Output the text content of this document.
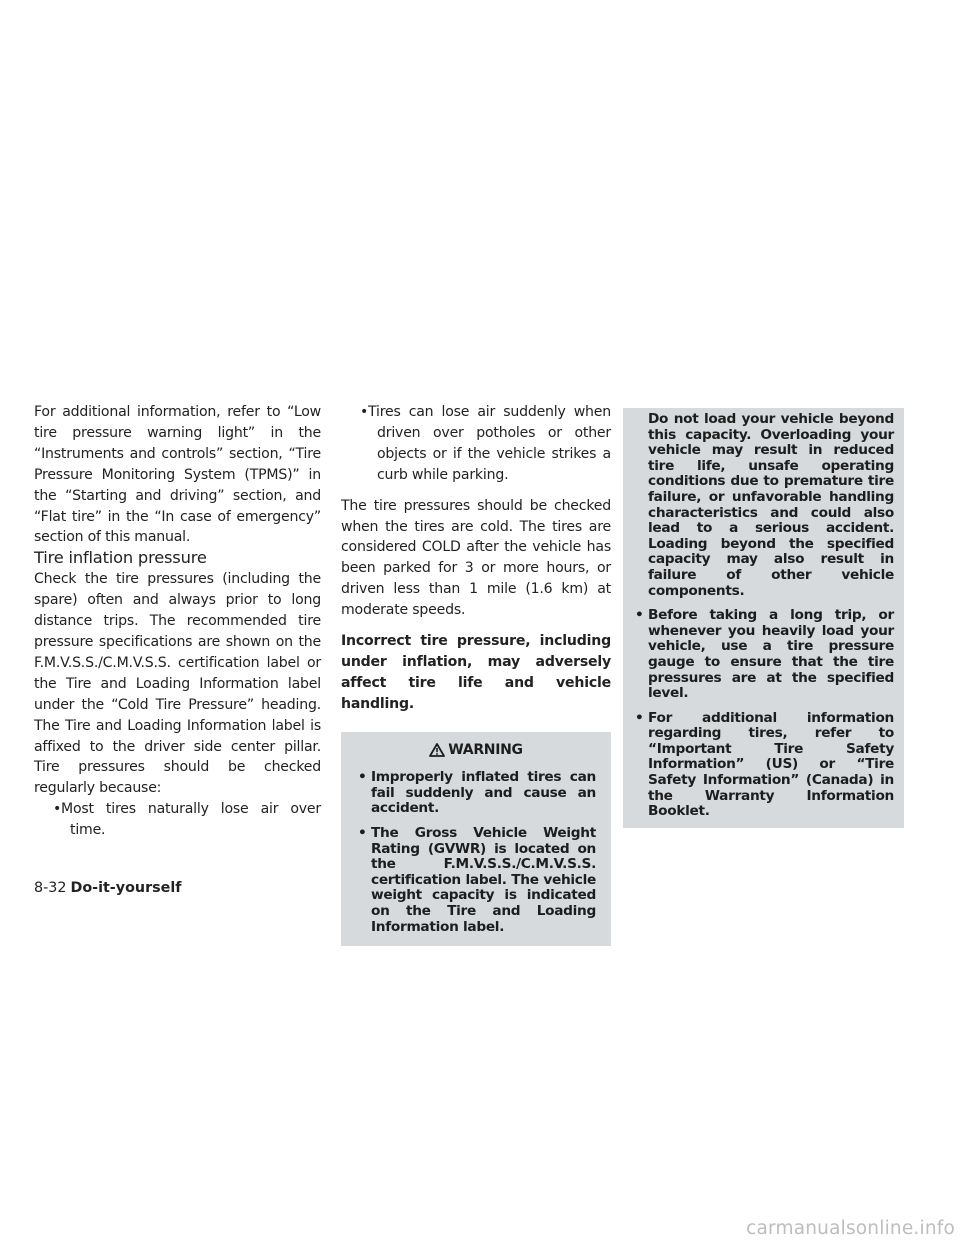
For additional information, refer to “Low tire pressure warning light” in the “Instruments and controls” section, “Tire Pressure Monitoring System (TPMS)” in the “Starting and driving” section, and “Flat tire” in the “In case of emergency” section of this manual.

Tire inflation pressure

Check the tire pressures (including the spare) often and always prior to long distance trips. The recommended tire pressure specifications are shown on the F.M.V.S.S./C.M.V.S.S. certification label or the Tire and Loading Information label under the “Cold Tire Pressure” heading. The Tire and Loading Information label is affixed to the driver side center pillar. Tire pressures should be checked regularly because:

• Most tires naturally lose air over time.

• Tires can lose air suddenly when driven over potholes or other objects or if the vehicle strikes a curb while parking.

The tire pressures should be checked when the tires are cold. The tires are considered COLD after the vehicle has been parked for 3 or more hours, or driven less than 1 mile (1.6 km) at moderate speeds.

Incorrect tire pressure, including under inflation, may adversely affect tire life and vehicle handling.

WARNING
• Improperly inflated tires can fail suddenly and cause an accident.
• The Gross Vehicle Weight Rating (GVWR) is located on the F.M.V.S.S./C.M.V.S.S. certification label. The vehicle weight capacity is indicated on the Tire and Loading Information label.
Do not load your vehicle beyond this capacity. Overloading your vehicle may result in reduced tire life, unsafe operating conditions due to premature tire failure, or unfavorable handling characteristics and could also lead to a serious accident. Loading beyond the specified capacity may also result in failure of other vehicle components.
• Before taking a long trip, or whenever you heavily load your vehicle, use a tire pressure gauge to ensure that the tire pressures are at the specified level.
• For additional information regarding tires, refer to “Important Tire Safety Information” (US) or “Tire Safety Information” (Canada) in the Warranty Information Booklet.
8-32 Do-it-yourself
carmanualsonline.info
